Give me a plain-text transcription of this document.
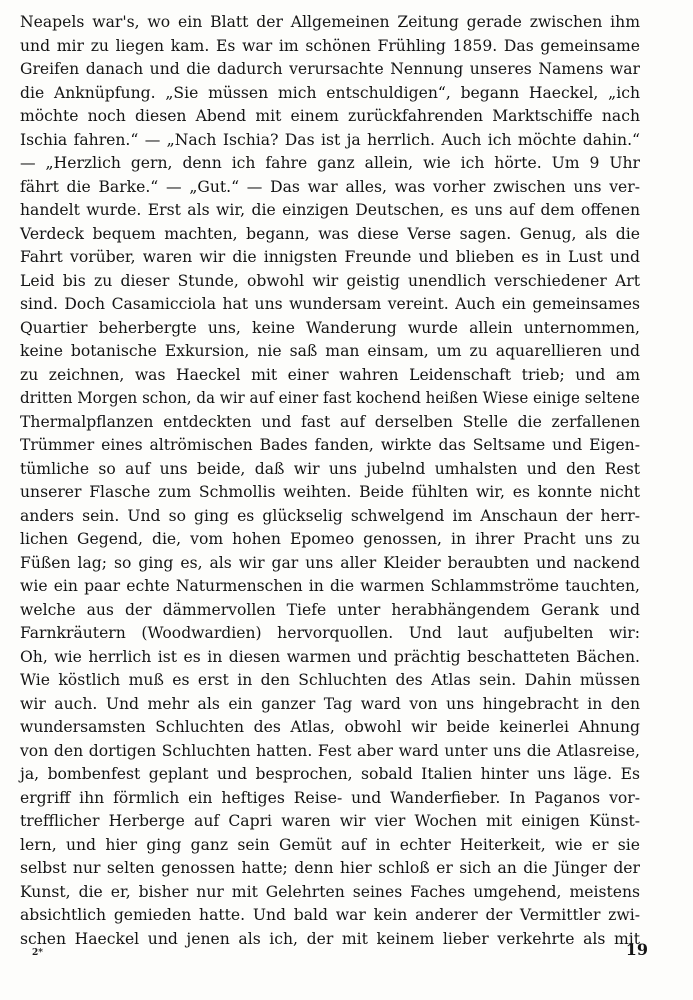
Neapels war's, wo ein Blatt der Allgemeinen Zeitung gerade zwischen ihm
und mir zu liegen kam. Es war im schönen Frühling 1859. Das gemeinsame
Greifen danach und die dadurch verursachte Nennung unseres Namens war
die Anknüpfung. „Sie müssen mich entschuldigen“, begann Haeckel, „ich
möchte noch diesen Abend mit einem zurückfahrenden Marktschiffe nach
Ischia fahren.“ — „Nach Ischia? Das ist ja herrlich. Auch ich möchte dahin.“
— „Herzlich gern, denn ich fahre ganz allein, wie ich hörte. Um 9 Uhr
fährt die Barke.“ — „Gut.“ — Das war alles, was vorher zwischen uns ver-
handelt wurde. Erst als wir, die einzigen Deutschen, es uns auf dem offenen
Verdeck bequem machten, begann, was diese Verse sagen. Genug, als die
Fahrt vorüber, waren wir die innigsten Freunde und blieben es in Lust und
Leid bis zu dieser Stunde, obwohl wir geistig unendlich verschiedener Art
sind. Doch Casamicciola hat uns wundersam vereint. Auch ein gemeinsames
Quartier beherbergte uns, keine Wanderung wurde allein unternommen,
keine botanische Exkursion, nie saß man einsam, um zu aquarellieren und
zu zeichnen, was Haeckel mit einer wahren Leidenschaft trieb; und am
dritten Morgen schon, da wir auf einer fast kochend heißen Wiese einige seltene
Thermalpflanzen entdeckten und fast auf derselben Stelle die zerfallenen
Trümmer eines altrömischen Bades fanden, wirkte das Seltsame und Eigen-
tümliche so auf uns beide, daß wir uns jubelnd umhalsten und den Rest
unserer Flasche zum Schmollis weihten. Beide fühlten wir, es konnte nicht
anders sein. Und so ging es glückselig schwelgend im Anschaun der herr-
lichen Gegend, die, vom hohen Epomeo genossen, in ihrer Pracht uns zu
Füßen lag; so ging es, als wir gar uns aller Kleider beraubten und nackend
wie ein paar echte Naturmenschen in die warmen Schlammströme tauchten,
welche aus der dämmervollen Tiefe unter herabhängendem Gerank und
Farnkräutern (Woodwardien) hervorquollen. Und laut aufjubelten wir:
Oh, wie herrlich ist es in diesen warmen und prächtig beschatteten Bächen.
Wie köstlich muß es erst in den Schluchten des Atlas sein. Dahin müssen
wir auch. Und mehr als ein ganzer Tag ward von uns hingebracht in den
wundersamsten Schluchten des Atlas, obwohl wir beide keinerlei Ahnung
von den dortigen Schluchten hatten. Fest aber ward unter uns die Atlasreise,
ja, bombenfest geplant und besprochen, sobald Italien hinter uns läge. Es
ergriff ihn förmlich ein heftiges Reise- und Wanderfieber. In Paganos vor-
trefflicher Herberge auf Capri waren wir vier Wochen mit einigen Künst-
lern, und hier ging ganz sein Gemüt auf in echter Heiterkeit, wie er sie
selbst nur selten genossen hatte; denn hier schloß er sich an die Jünger der
Kunst, die er, bisher nur mit Gelehrten seines Faches umgehend, meistens
absichtlich gemieden hatte. Und bald war kein anderer der Vermittler zwi-
schen Haeckel und jenen als ich, der mit keinem lieber verkehrte als mit
2*	19
